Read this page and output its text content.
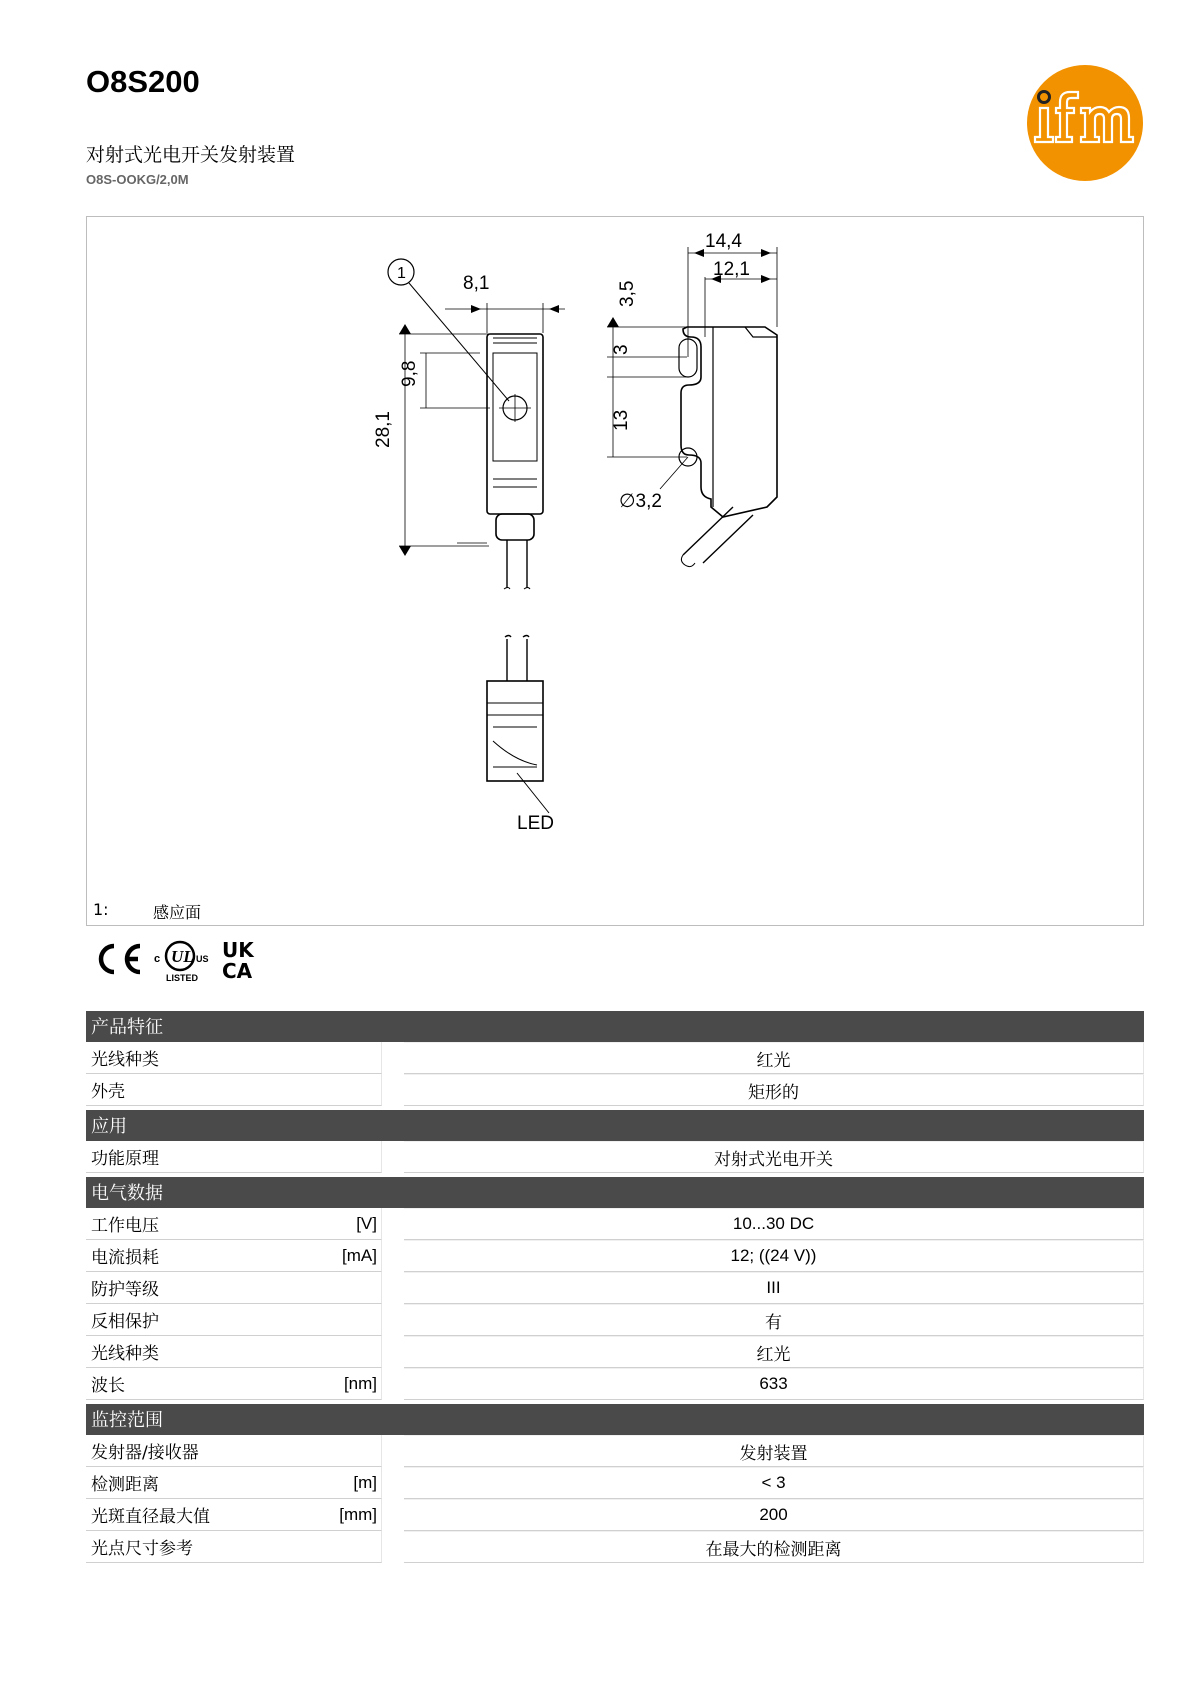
O8S200
对射式光电开关发射装置
O8S-OOKG/2,0M
8,1
1
28,1
9,8
14,4
12,1
3,5
3
13
∅3,2
LED
1:	感应面
c UL US
LISTED
UK
CA
产品特征
光线种类	红光
外壳	矩形的
应用
功能原理	对射式光电开关
电气数据
工作电压	[V]	10...30 DC
电流损耗	[mA]	12; ((24 V))
防护等级	III
反相保护	有
光线种类	红光
波长	[nm]	633
监控范围
发射器/接收器	发射装置
检测距离	[m]	< 3
光斑直径最大值	[mm]	200
光点尺寸参考	在最大的检测距离
